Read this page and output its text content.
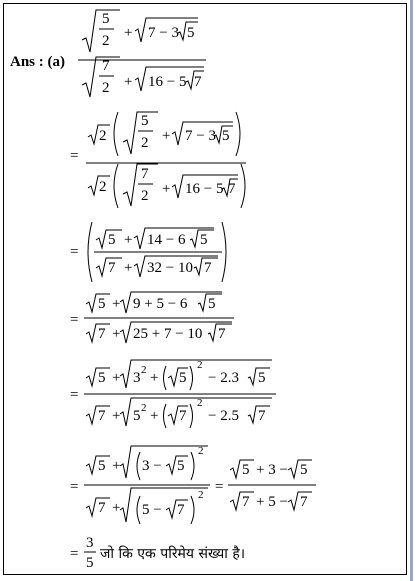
Ans : (a)
5
2 + 7 − 3 5
7
2 + 16 − 5 7
=
2
5
2 + 7 − 3 5
2
7
2 + 16 − 5 7
=
5 + 14 − 6 5
7 + 32 − 10 7
=
5 + 9 + 5 − 6 5
7 + 25 + 7 − 10 7
=
5 + 3 2 + 5
2
− 2.3 5
7 + 5 2 + 7
2
− 2.5 7
=
5 + 3 − 5
2
7 + 5 − 7
2 =
5 + 3 − 5
7 + 5 − 7
=
3
5
जो कि एक परिमेय संख्या है।
